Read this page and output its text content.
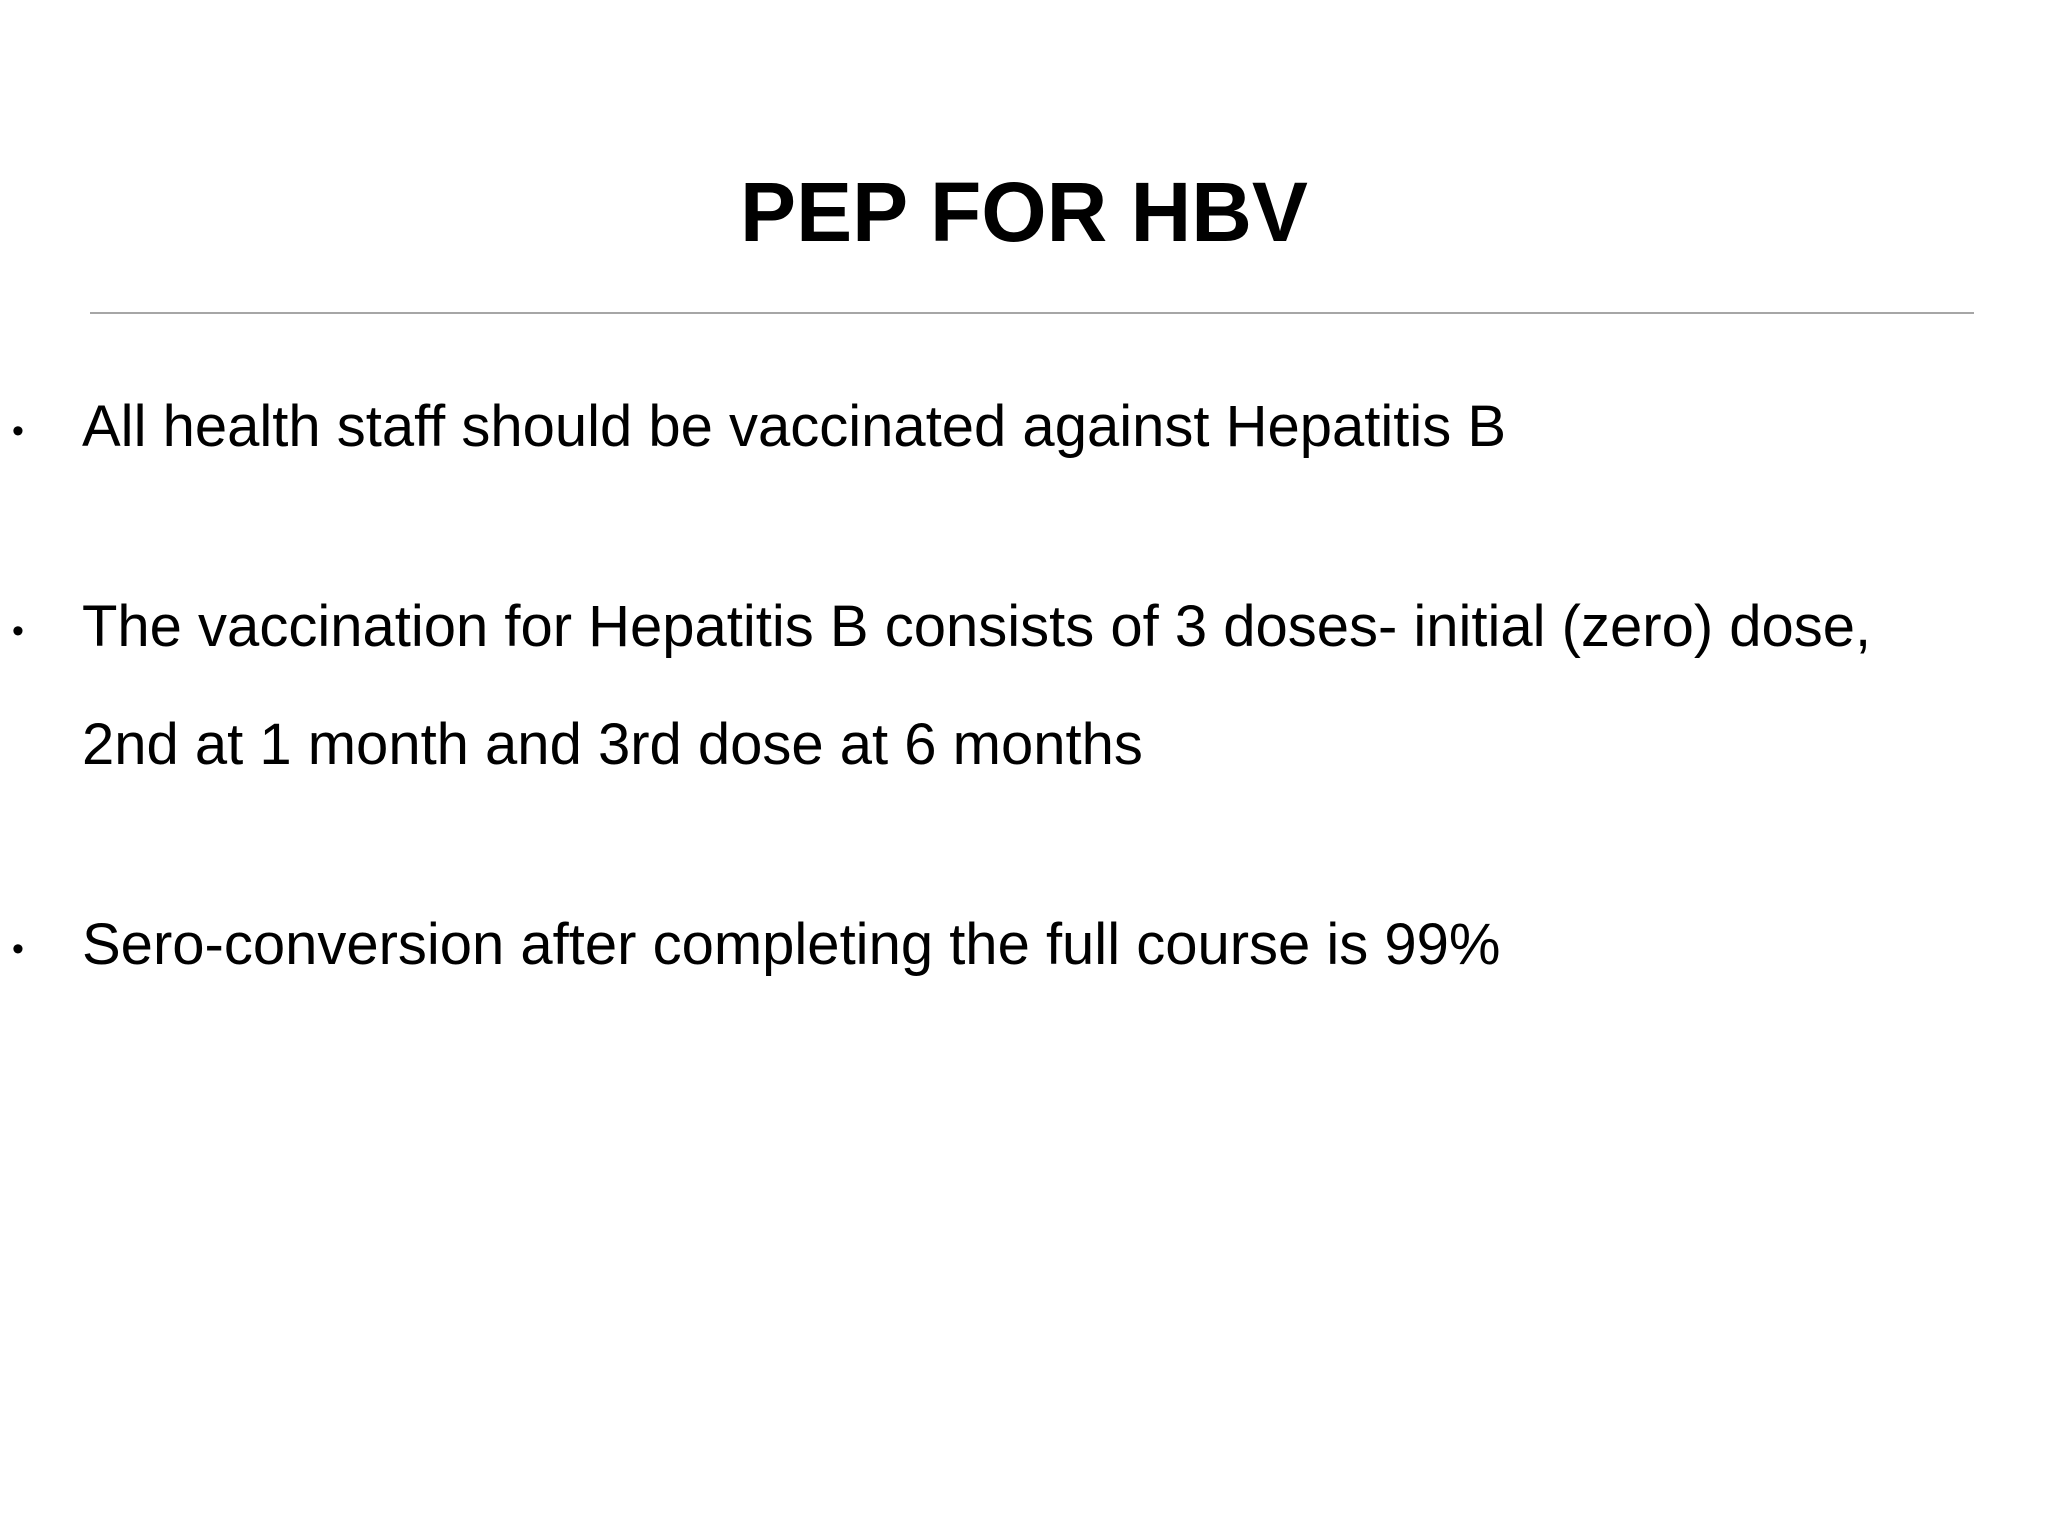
PEP FOR HBV
• All health staff should be vaccinated against Hepatitis B
• The vaccination for Hepatitis B consists of 3 doses- initial (zero) dose, 2nd at 1 month and 3rd dose at 6 months
• Sero-conversion after completing the full course is 99%
